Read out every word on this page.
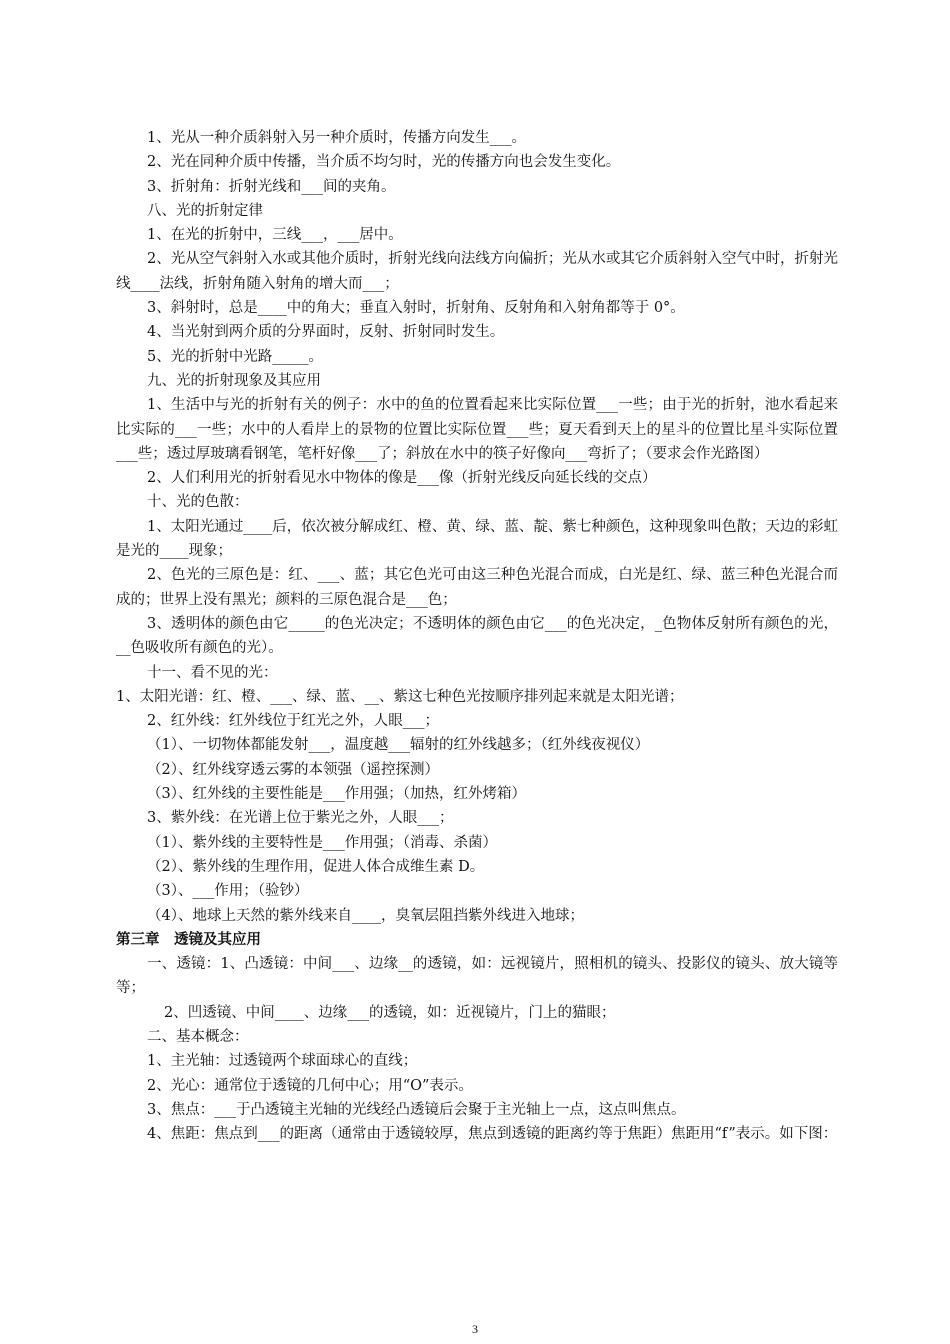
1、光从一种介质斜射入另一种介质时，传播方向发生___。

2、光在同种介质中传播，当介质不均匀时，光的传播方向也会发生变化。

3、折射角：折射光线和___间的夹角。

八、光的折射定律

1、在光的折射中，三线___，___居中。

2、光从空气斜射入水或其他介质时，折射光线向法线方向偏折；光从水或其它介质斜射入空气中时，折射光线____法线，折射角随入射角的增大而___；

3、斜射时，总是____中的角大；垂直入射时，折射角、反射角和入射角都等于 0°。

4、当光射到两介质的分界面时，反射、折射同时发生。

5、光的折射中光路_____。

九、光的折射现象及其应用

1、生活中与光的折射有关的例子：水中的鱼的位置看起来比实际位置___一些；由于光的折射，池水看起来比实际的___一些；水中的人看岸上的景物的位置比实际位置___些；夏天看到天上的星斗的位置比星斗实际位置___些；透过厚玻璃看钢笔，笔杆好像___了；斜放在水中的筷子好像向___弯折了；（要求会作光路图）

2、人们利用光的折射看见水中物体的像是___像（折射光线反向延长线的交点）

十、光的色散：

1、太阳光通过____后，依次被分解成红、橙、黄、绿、蓝、靛、紫七种颜色，这种现象叫色散；天边的彩虹是光的____现象；

2、色光的三原色是：红、___、蓝；其它色光可由这三种色光混合而成，白光是红、绿、蓝三种色光混合而成的；世界上没有黑光；颜料的三原色混合是___色；

3、透明体的颜色由它_____的色光决定；不透明体的颜色由它___的色光决定，_色物体反射所有颜色的光，__色吸收所有颜色的光）。

十一、看不见的光：

1、太阳光谱：红、橙、___、绿、蓝、__、紫这七种色光按顺序排列起来就是太阳光谱；

2、红外线：红外线位于红光之外，人眼___；

（1）、一切物体都能发射___，温度越___辐射的红外线越多；（红外线夜视仪）

（2）、红外线穿透云雾的本领强（遥控探测）

（3）、红外线的主要性能是___作用强；（加热，红外烤箱）

3、紫外线：在光谱上位于紫光之外，人眼___；

（1）、紫外线的主要特性是___作用强；（消毒、杀菌）

（2）、紫外线的生理作用，促进人体合成维生素 D。

（3）、___作用；（验钞）

（4）、地球上天然的紫外线来自____，臭氧层阻挡紫外线进入地球；

第三章　透镜及其应用

一、透镜：1、凸透镜：中间___、边缘__的透镜，如：远视镜片，照相机的镜头、投影仪的镜头、放大镜等等；

2、凹透镜、中间____、边缘___的透镜，如：近视镜片，门上的猫眼；

二、基本概念：

1、主光轴：过透镜两个球面球心的直线；

2、光心：通常位于透镜的几何中心；用“O”表示。

3、焦点：___于凸透镜主光轴的光线经凸透镜后会聚于主光轴上一点，这点叫焦点。

4、焦距：焦点到___的距离（通常由于透镜较厚，焦点到透镜的距离约等于焦距）焦距用“f”表示。如下图：

3
